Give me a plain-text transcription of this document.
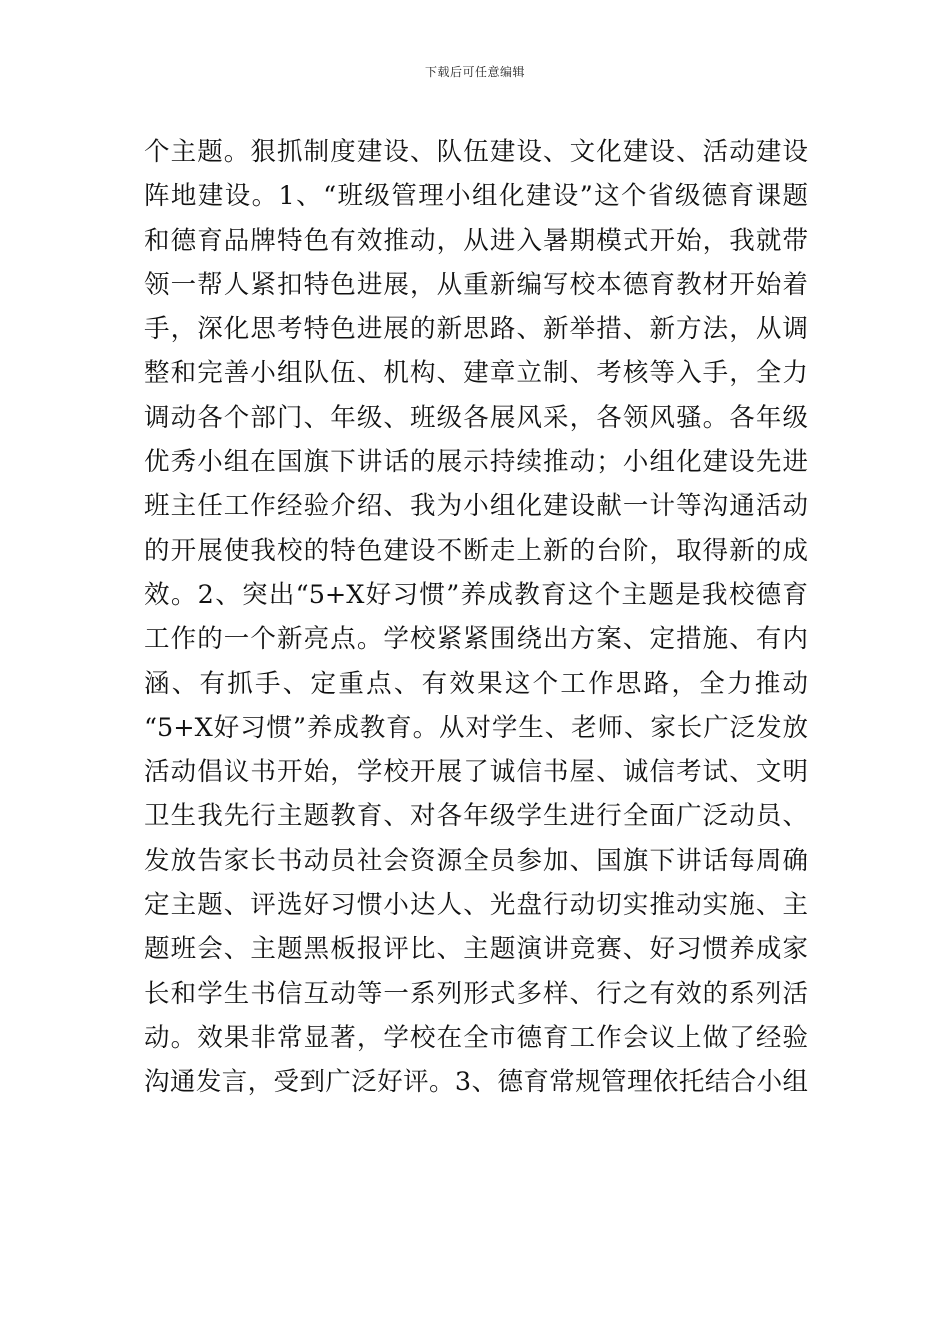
下载后可任意编辑
个主题。狠抓制度建设、队伍建设、文化建设、活动建设
阵地建设。1、“班级管理小组化建设”这个省级德育课题
和德育品牌特色有效推动，从进入暑期模式开始，我就带
领一帮人紧扣特色进展，从重新编写校本德育教材开始着
手，深化思考特色进展的新思路、新举措、新方法，从调
整和完善小组队伍、机构、建章立制、考核等入手，全力
调动各个部门、年级、班级各展风采，各领风骚。各年级
优秀小组在国旗下讲话的展示持续推动；小组化建设先进
班主任工作经验介绍、我为小组化建设献一计等沟通活动
的开展使我校的特色建设不断走上新的台阶，取得新的成
效。2、突出“5+X好习惯”养成教育这个主题是我校德育
工作的一个新亮点。学校紧紧围绕出方案、定措施、有内
涵、有抓手、定重点、有效果这个工作思路，全力推动
“5+X好习惯”养成教育。从对学生、老师、家长广泛发放
活动倡议书开始，学校开展了诚信书屋、诚信考试、文明
卫生我先行主题教育、对各年级学生进行全面广泛动员、
发放告家长书动员社会资源全员参加、国旗下讲话每周确
定主题、评选好习惯小达人、光盘行动切实推动实施、主
题班会、主题黑板报评比、主题演讲竞赛、好习惯养成家
长和学生书信互动等一系列形式多样、行之有效的系列活
动。效果非常显著，学校在全市德育工作会议上做了经验
沟通发言，受到广泛好评。3、德育常规管理依托结合小组
